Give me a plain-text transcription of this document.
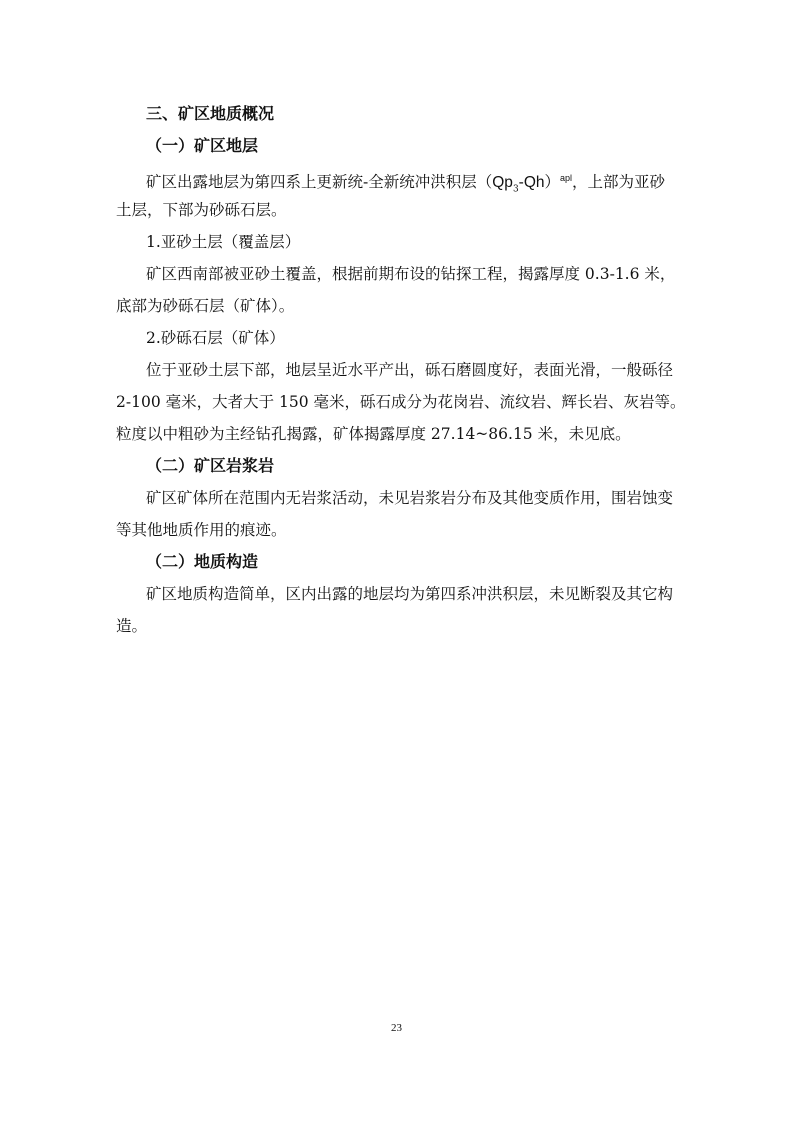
三、矿区地质概况
（一）矿区地层
矿区出露地层为第四系上更新统-全新统冲洪积层$(Qp_3-Qh)^{apl}$，上部为亚砂
土层，下部为砂砾石层。
1.亚砂土层（覆盖层）
矿区西南部被亚砂土覆盖，根据前期布设的钻探工程，揭露厚度 0.3-1.6 米，
底部为砂砾石层（矿体）。
2.砂砾石层（矿体）
位于亚砂土层下部，地层呈近水平产出，砾石磨圆度好，表面光滑，一般砾径
2-100 毫米，大者大于 150 毫米，砾石成分为花岗岩、流纹岩、辉长岩、灰岩等。
粒度以中粗砂为主经钻孔揭露，矿体揭露厚度 27.14~86.15 米，未见底。
（二）矿区岩浆岩
矿区矿体所在范围内无岩浆活动，未见岩浆岩分布及其他变质作用，围岩蚀变
等其他地质作用的痕迹。
（二）地质构造
矿区地质构造简单，区内出露的地层均为第四系冲洪积层，未见断裂及其它构
造。
23
